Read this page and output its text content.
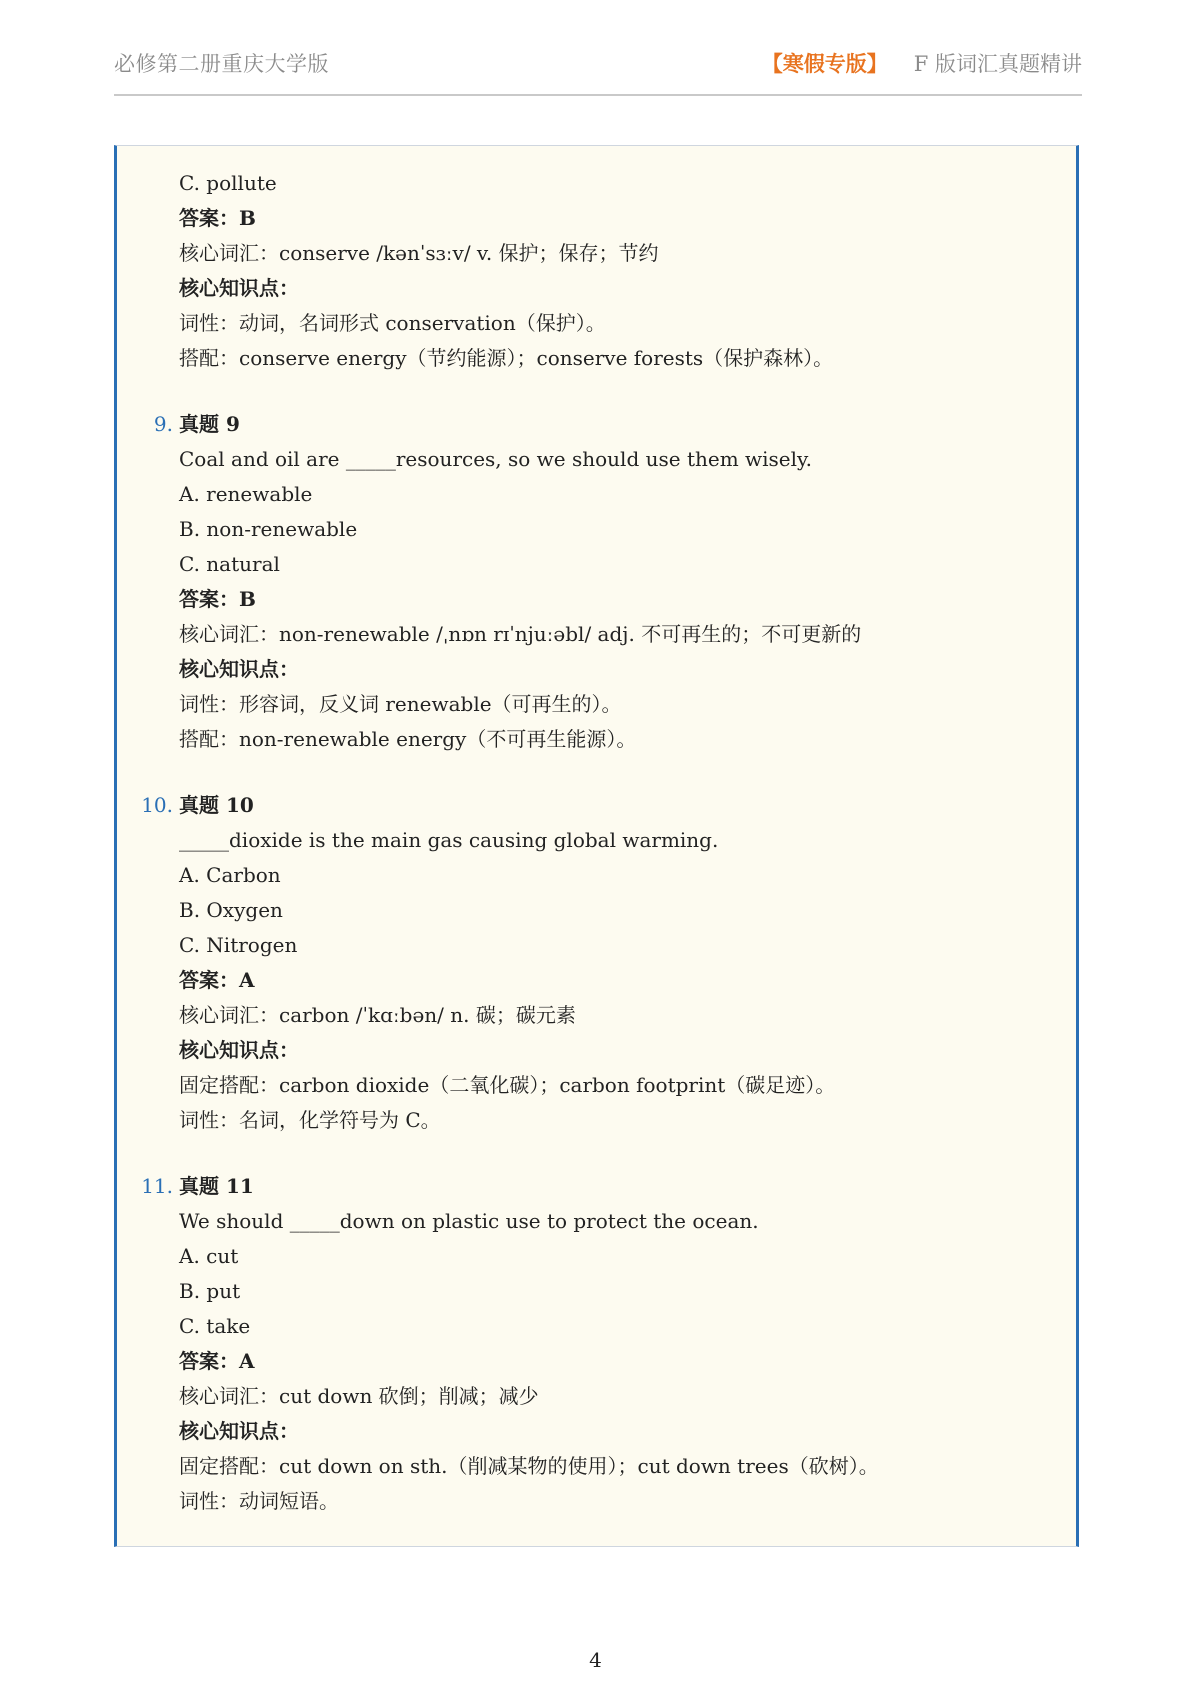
必修第二册重庆大学版	【寒假专版】 F 版词汇真题精讲
C. pollute
答案：B
核心词汇：conserve /kənˈsɜːv/ v. 保护；保存；节约
核心知识点：
词性：动词，名词形式 conservation（保护）。
搭配：conserve energy（节约能源）；conserve forests（保护森林）。
9. 真题 9
Coal and oil are _____resources, so we should use them wisely.
A. renewable
B. non-renewable
C. natural
答案：B
核心词汇：non-renewable /ˌnɒn rɪˈnjuːəbl/ adj. 不可再生的；不可更新的
核心知识点：
词性：形容词，反义词 renewable（可再生的）。
搭配：non-renewable energy（不可再生能源）。
10. 真题 10
_____dioxide is the main gas causing global warming.
A. Carbon
B. Oxygen
C. Nitrogen
答案：A
核心词汇：carbon /ˈkɑːbən/ n. 碳；碳元素
核心知识点：
固定搭配：carbon dioxide（二氧化碳）；carbon footprint（碳足迹）。
词性：名词，化学符号为 C。
11. 真题 11
We should _____down on plastic use to protect the ocean.
A. cut
B. put
C. take
答案：A
核心词汇：cut down 砍倒；削减；减少
核心知识点：
固定搭配：cut down on sth.（削减某物的使用）；cut down trees（砍树）。
词性：动词短语。
4
